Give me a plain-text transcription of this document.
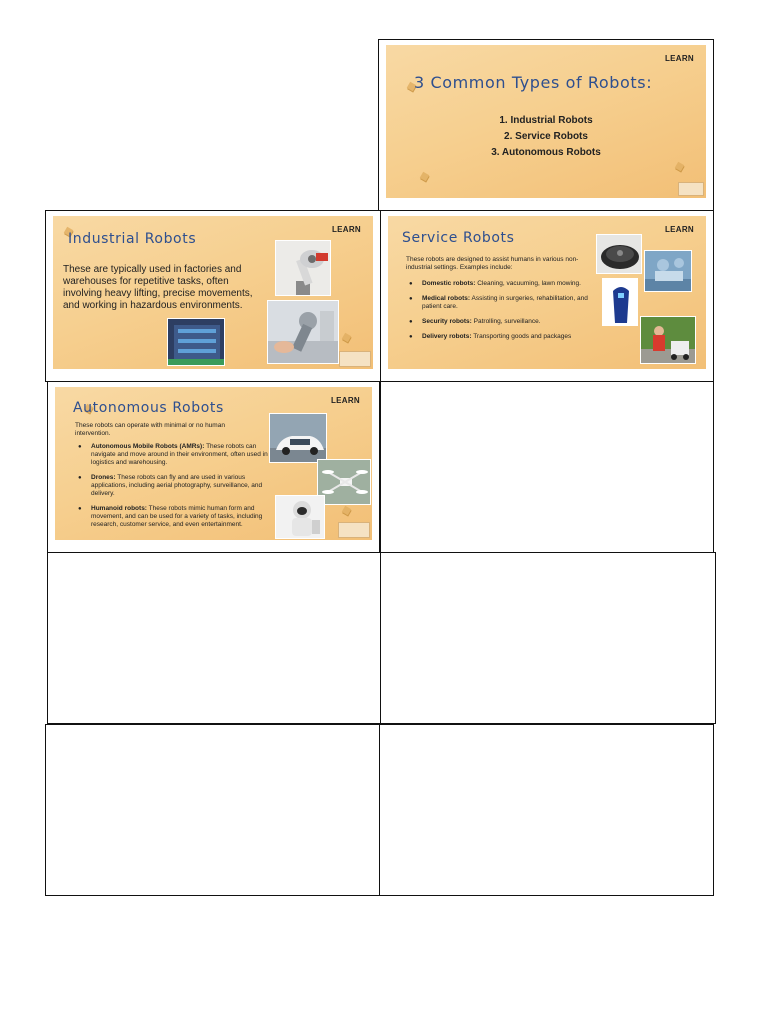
LEARN
3 Common Types of Robots:
1. Industrial Robots
2. Service Robots
3. Autonomous Robots
LEARN
Industrial Robots
These are typically used in factories and warehouses for repetitive tasks, often involving heavy lifting, precise movements, and working in hazardous environments.
LEARN
Service Robots
These robots are designed to assist humans in various non-industrial settings. Examples include:
● Domestic robots: Cleaning, vacuuming, lawn mowing.
● Medical robots: Assisting in surgeries, rehabilitation, and patient care.
● Security robots: Patrolling, surveillance.
● Delivery robots: Transporting goods and packages
LEARN
Autonomous Robots
These robots can operate with minimal or no human intervention.
● Autonomous Mobile Robots (AMRs): These robots can navigate and move around in their environment, often used in logistics and warehousing.
● Drones: These robots can fly and are used in various applications, including aerial photography, surveillance, and delivery.
● Humanoid robots: These robots mimic human form and movement, and can be used for a variety of tasks, including research, customer service, and even entertainment.
